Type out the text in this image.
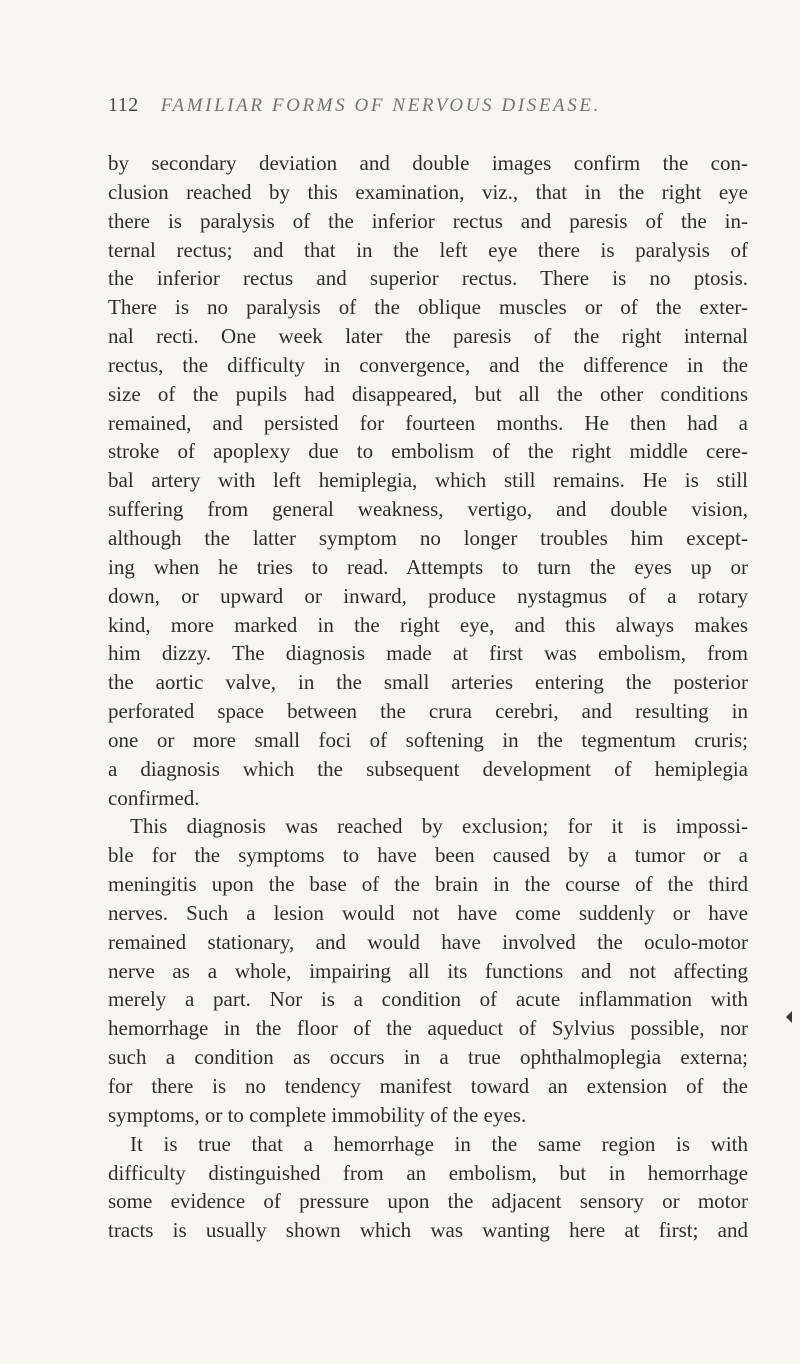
112 FAMILIAR FORMS OF NERVOUS DISEASE.
by secondary deviation and double images confirm the con-
clusion reached by this examination, viz., that in the right eye
there is paralysis of the inferior rectus and paresis of the in-
ternal rectus; and that in the left eye there is paralysis of
the inferior rectus and superior rectus. There is no ptosis.
There is no paralysis of the oblique muscles or of the exter-
nal recti. One week later the paresis of the right internal
rectus, the difficulty in convergence, and the difference in the
size of the pupils had disappeared, but all the other conditions
remained, and persisted for fourteen months. He then had a
stroke of apoplexy due to embolism of the right middle cere-
bal artery with left hemiplegia, which still remains. He is still
suffering from general weakness, vertigo, and double vision,
although the latter symptom no longer troubles him except-
ing when he tries to read. Attempts to turn the eyes up or
down, or upward or inward, produce nystagmus of a rotary
kind, more marked in the right eye, and this always makes
him dizzy. The diagnosis made at first was embolism, from
the aortic valve, in the small arteries entering the posterior
perforated space between the crura cerebri, and resulting in
one or more small foci of softening in the tegmentum cruris;
a diagnosis which the subsequent development of hemiplegia
confirmed.
This diagnosis was reached by exclusion; for it is impossi-
ble for the symptoms to have been caused by a tumor or a
meningitis upon the base of the brain in the course of the third
nerves. Such a lesion would not have come suddenly or have
remained stationary, and would have involved the oculo-motor
nerve as a whole, impairing all its functions and not affecting
merely a part. Nor is a condition of acute inflammation with
hemorrhage in the floor of the aqueduct of Sylvius possible, nor
such a condition as occurs in a true ophthalmoplegia externa;
for there is no tendency manifest toward an extension of the
symptoms, or to complete immobility of the eyes.
It is true that a hemorrhage in the same region is with
difficulty distinguished from an embolism, but in hemorrhage
some evidence of pressure upon the adjacent sensory or motor
tracts is usually shown which was wanting here at first; and
